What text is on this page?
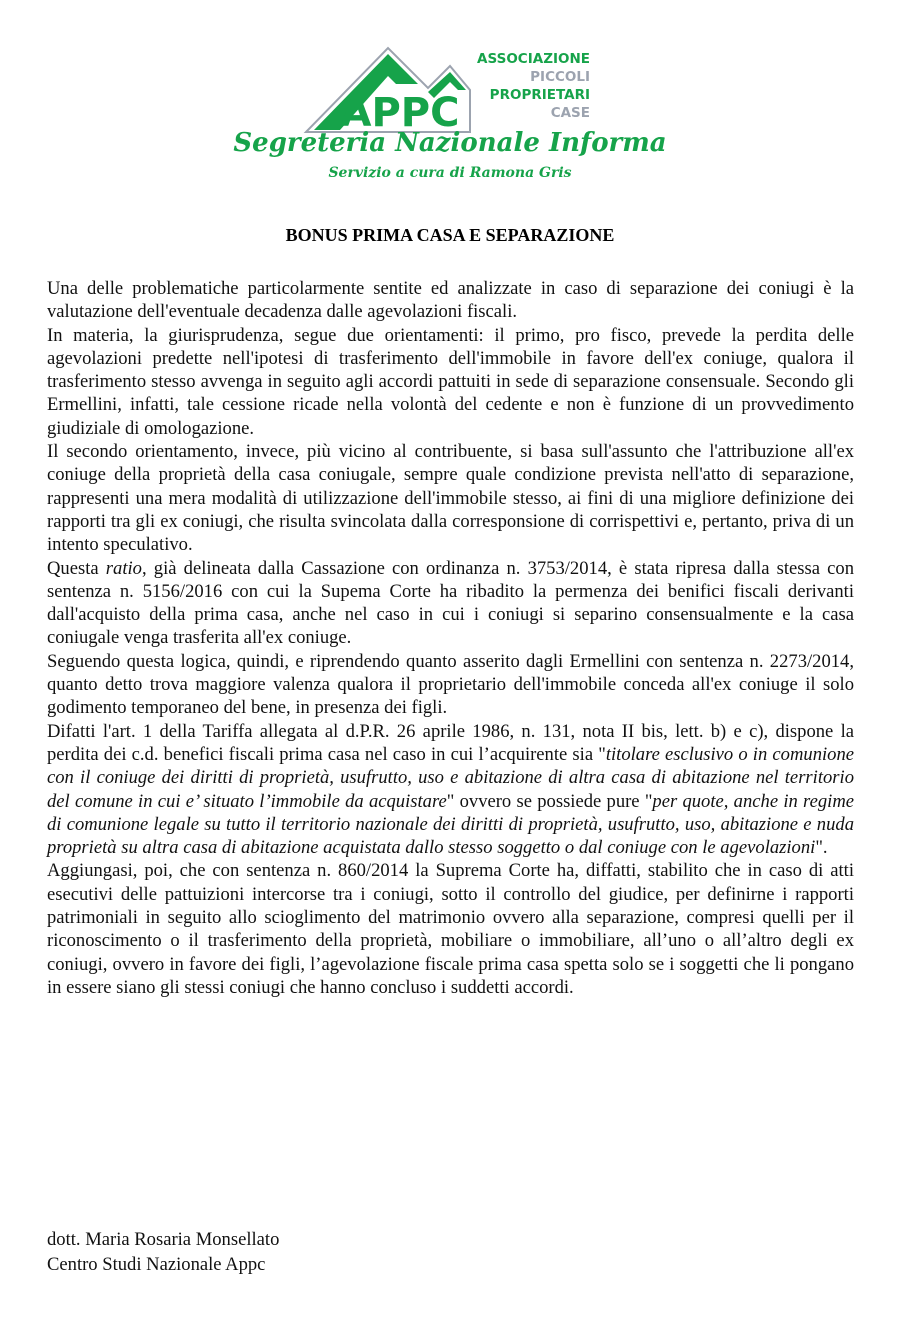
APPC
ASSOCIAZIONE
PICCOLI
PROPRIETARI
CASE
Segreteria Nazionale Informa
Servizio a cura di Ramona Gris
BONUS PRIMA CASA E SEPARAZIONE

Una delle problematiche particolarmente sentite ed analizzate in caso di separazione dei coniugi è la valutazione dell'eventuale decadenza dalle agevolazioni fiscali.

In materia, la giurisprudenza, segue due orientamenti: il primo, pro fisco, prevede la perdita delle agevolazioni predette nell'ipotesi di trasferimento dell'immobile in favore dell'ex coniuge, qualora il trasferimento stesso avvenga in seguito agli accordi pattuiti in sede di separazione consensuale. Secondo gli Ermellini, infatti, tale cessione ricade nella volontà del cedente e non è funzione di un provvedimento giudiziale di omologazione.

Il secondo orientamento, invece, più vicino al contribuente, si basa sull'assunto che l'attribuzione all'ex coniuge della proprietà della casa coniugale, sempre quale condizione prevista nell'atto di separazione, rappresenti una mera modalità di utilizzazione dell'immobile stesso, ai fini di una migliore definizione dei rapporti tra gli ex coniugi, che risulta svincolata dalla corresponsione di corrispettivi e, pertanto, priva di un intento speculativo.

Questa ratio, già delineata dalla Cassazione con ordinanza n. 3753/2014, è stata ripresa dalla stessa con sentenza n. 5156/2016 con cui la Supema Corte ha ribadito la permenza dei benifici fiscali derivanti dall'acquisto della prima casa, anche nel caso in cui i coniugi si separino consensualmente e la casa coniugale venga trasferita all'ex coniuge.

Seguendo questa logica, quindi, e riprendendo quanto asserito dagli Ermellini con sentenza n. 2273/2014, quanto detto trova maggiore valenza qualora il proprietario dell'immobile conceda all'ex coniuge il solo godimento temporaneo del bene, in presenza dei figli.

Difatti l'art. 1 della Tariffa allegata al d.P.R. 26 aprile 1986, n. 131, nota II bis, lett. b) e c), dispone la perdita dei c.d. benefici fiscali prima casa nel caso in cui l’acquirente sia "titolare esclusivo o in comunione con il coniuge dei diritti di proprietà, usufrutto, uso e abitazione di altra casa di abitazione nel territorio del comune in cui e’ situato l’immobile da acquistare" ovvero se possiede pure "per quote, anche in regime di comunione legale su tutto il territorio nazionale dei diritti di proprietà, usufrutto, uso, abitazione e nuda proprietà su altra casa di abitazione acquistata dallo stesso soggetto o dal coniuge con le agevolazioni".

Aggiungasi, poi, che con sentenza n. 860/2014 la Suprema Corte ha, diffatti, stabilito che in caso di atti esecutivi delle pattuizioni intercorse tra i coniugi, sotto il controllo del giudice, per definirne i rapporti patrimoniali in seguito allo scioglimento del matrimonio ovvero alla separazione, compresi quelli per il riconoscimento o il trasferimento della proprietà, mobiliare o immobiliare, all’uno o all’altro degli ex coniugi, ovvero in favore dei figli, l’agevolazione fiscale prima casa spetta solo se i soggetti che li pongano in essere siano gli stessi coniugi che hanno concluso i suddetti accordi.

dott. Maria Rosaria Monsellato
Centro Studi Nazionale Appc
